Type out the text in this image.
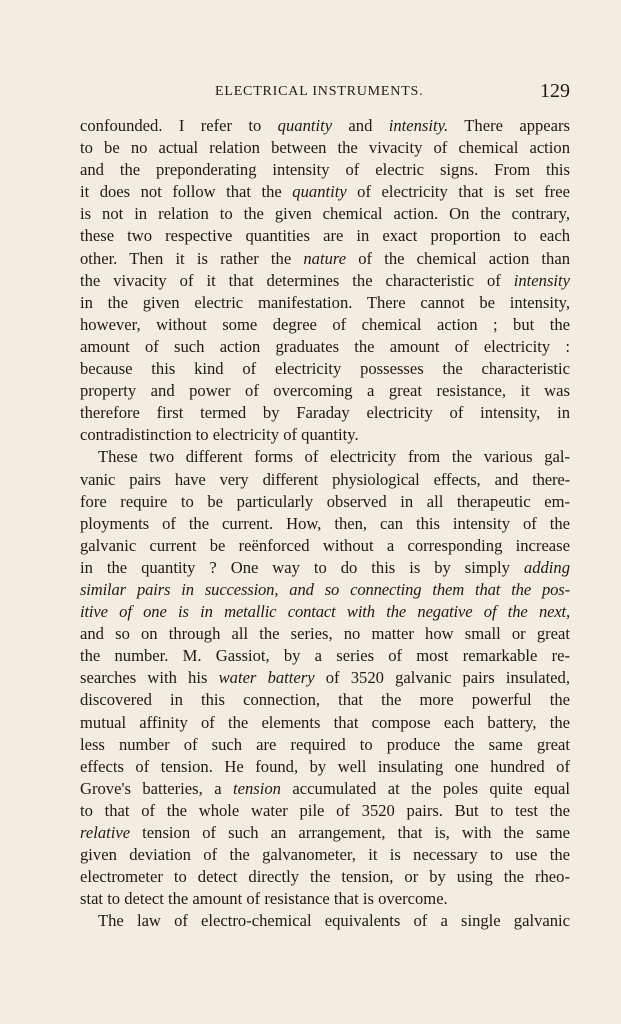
ELECTRICAL INSTRUMENTS.	129
confounded. I refer to quantity and intensity. There appears
to be no actual relation between the vivacity of chemical action
and the preponderating intensity of electric signs. From this
it does not follow that the quantity of electricity that is set free
is not in relation to the given chemical action. On the contrary,
these two respective quantities are in exact proportion to each
other. Then it is rather the nature of the chemical action than
the vivacity of it that determines the characteristic of intensity
in the given electric manifestation. There cannot be intensity,
however, without some degree of chemical action ; but the
amount of such action graduates the amount of electricity :
because this kind of electricity possesses the characteristic
property and power of overcoming a great resistance, it was
therefore first termed by Faraday electricity of intensity, in
contradistinction to electricity of quantity.
These two different forms of electricity from the various gal-
vanic pairs have very different physiological effects, and there-
fore require to be particularly observed in all therapeutic em-
ployments of the current. How, then, can this intensity of the
galvanic current be reënforced without a corresponding increase
in the quantity ? One way to do this is by simply adding
similar pairs in succession, and so connecting them that the pos-
itive of one is in metallic contact with the negative of the next,
and so on through all the series, no matter how small or great
the number. M. Gassiot, by a series of most remarkable re-
searches with his water battery of 3520 galvanic pairs insulated,
discovered in this connection, that the more powerful the
mutual affinity of the elements that compose each battery, the
less number of such are required to produce the same great
effects of tension. He found, by well insulating one hundred of
Grove's batteries, a tension accumulated at the poles quite equal
to that of the whole water pile of 3520 pairs. But to test the
relative tension of such an arrangement, that is, with the same
given deviation of the galvanometer, it is necessary to use the
electrometer to detect directly the tension, or by using the rheo-
stat to detect the amount of resistance that is overcome.
The law of electro-chemical equivalents of a single galvanic
